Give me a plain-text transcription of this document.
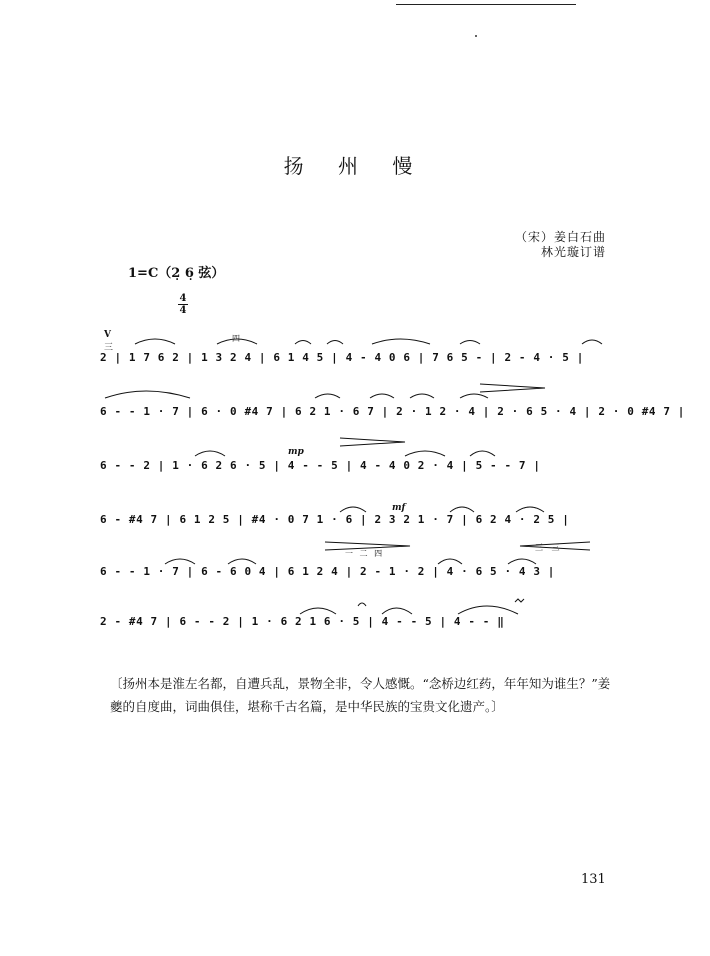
扬 州 慢
（宋）姜白石曲
林光璇订谱
1=C（2̣ 6̣ 弦）
4
4
V
三
四
2 | 1 7 6 2 | 1 3 2 4 | 6 1 4 5 | 4 - 4 0 6 | 7 6 5 - | 2 - 4 · 5 |
6 - - 1 · 7 | 6 · 0 #4 7 | 6 2 1 · 6 7 | 2 · 1 2 · 4 | 2 · 6 5 · 4 | 2 · 0 #4 7 |
mp
6 - - 2 | 1 · 6 2 6 · 5 | 4 - - 5 | 4 - 4 0 2 · 4 | 5 - - 7 |
mf
6 - #4 7 | 6 1 2 5 | #4 · 0 7 1 · 6 | 2 3 2 1 · 7 | 6 2 4 · 2 5 |
一 二 四
三 三
6 - - 1 · 7 | 6 - 6 0 4 | 6 1 2 4 | 2 - 1 · 2 | 4 · 6 5 · 4 3 |
2 - #4 7 | 6 - - 2 | 1 · 6 2 1 6 · 5 | 4 - - 5 | 4 - - ‖
〔扬州本是淮左名都，自遭兵乱，景物全非，令人感慨。“念桥边红药，年年知为谁生？”姜夔的自度曲，词曲俱佳，堪称千古名篇，是中华民族的宝贵文化遗产。〕
131
